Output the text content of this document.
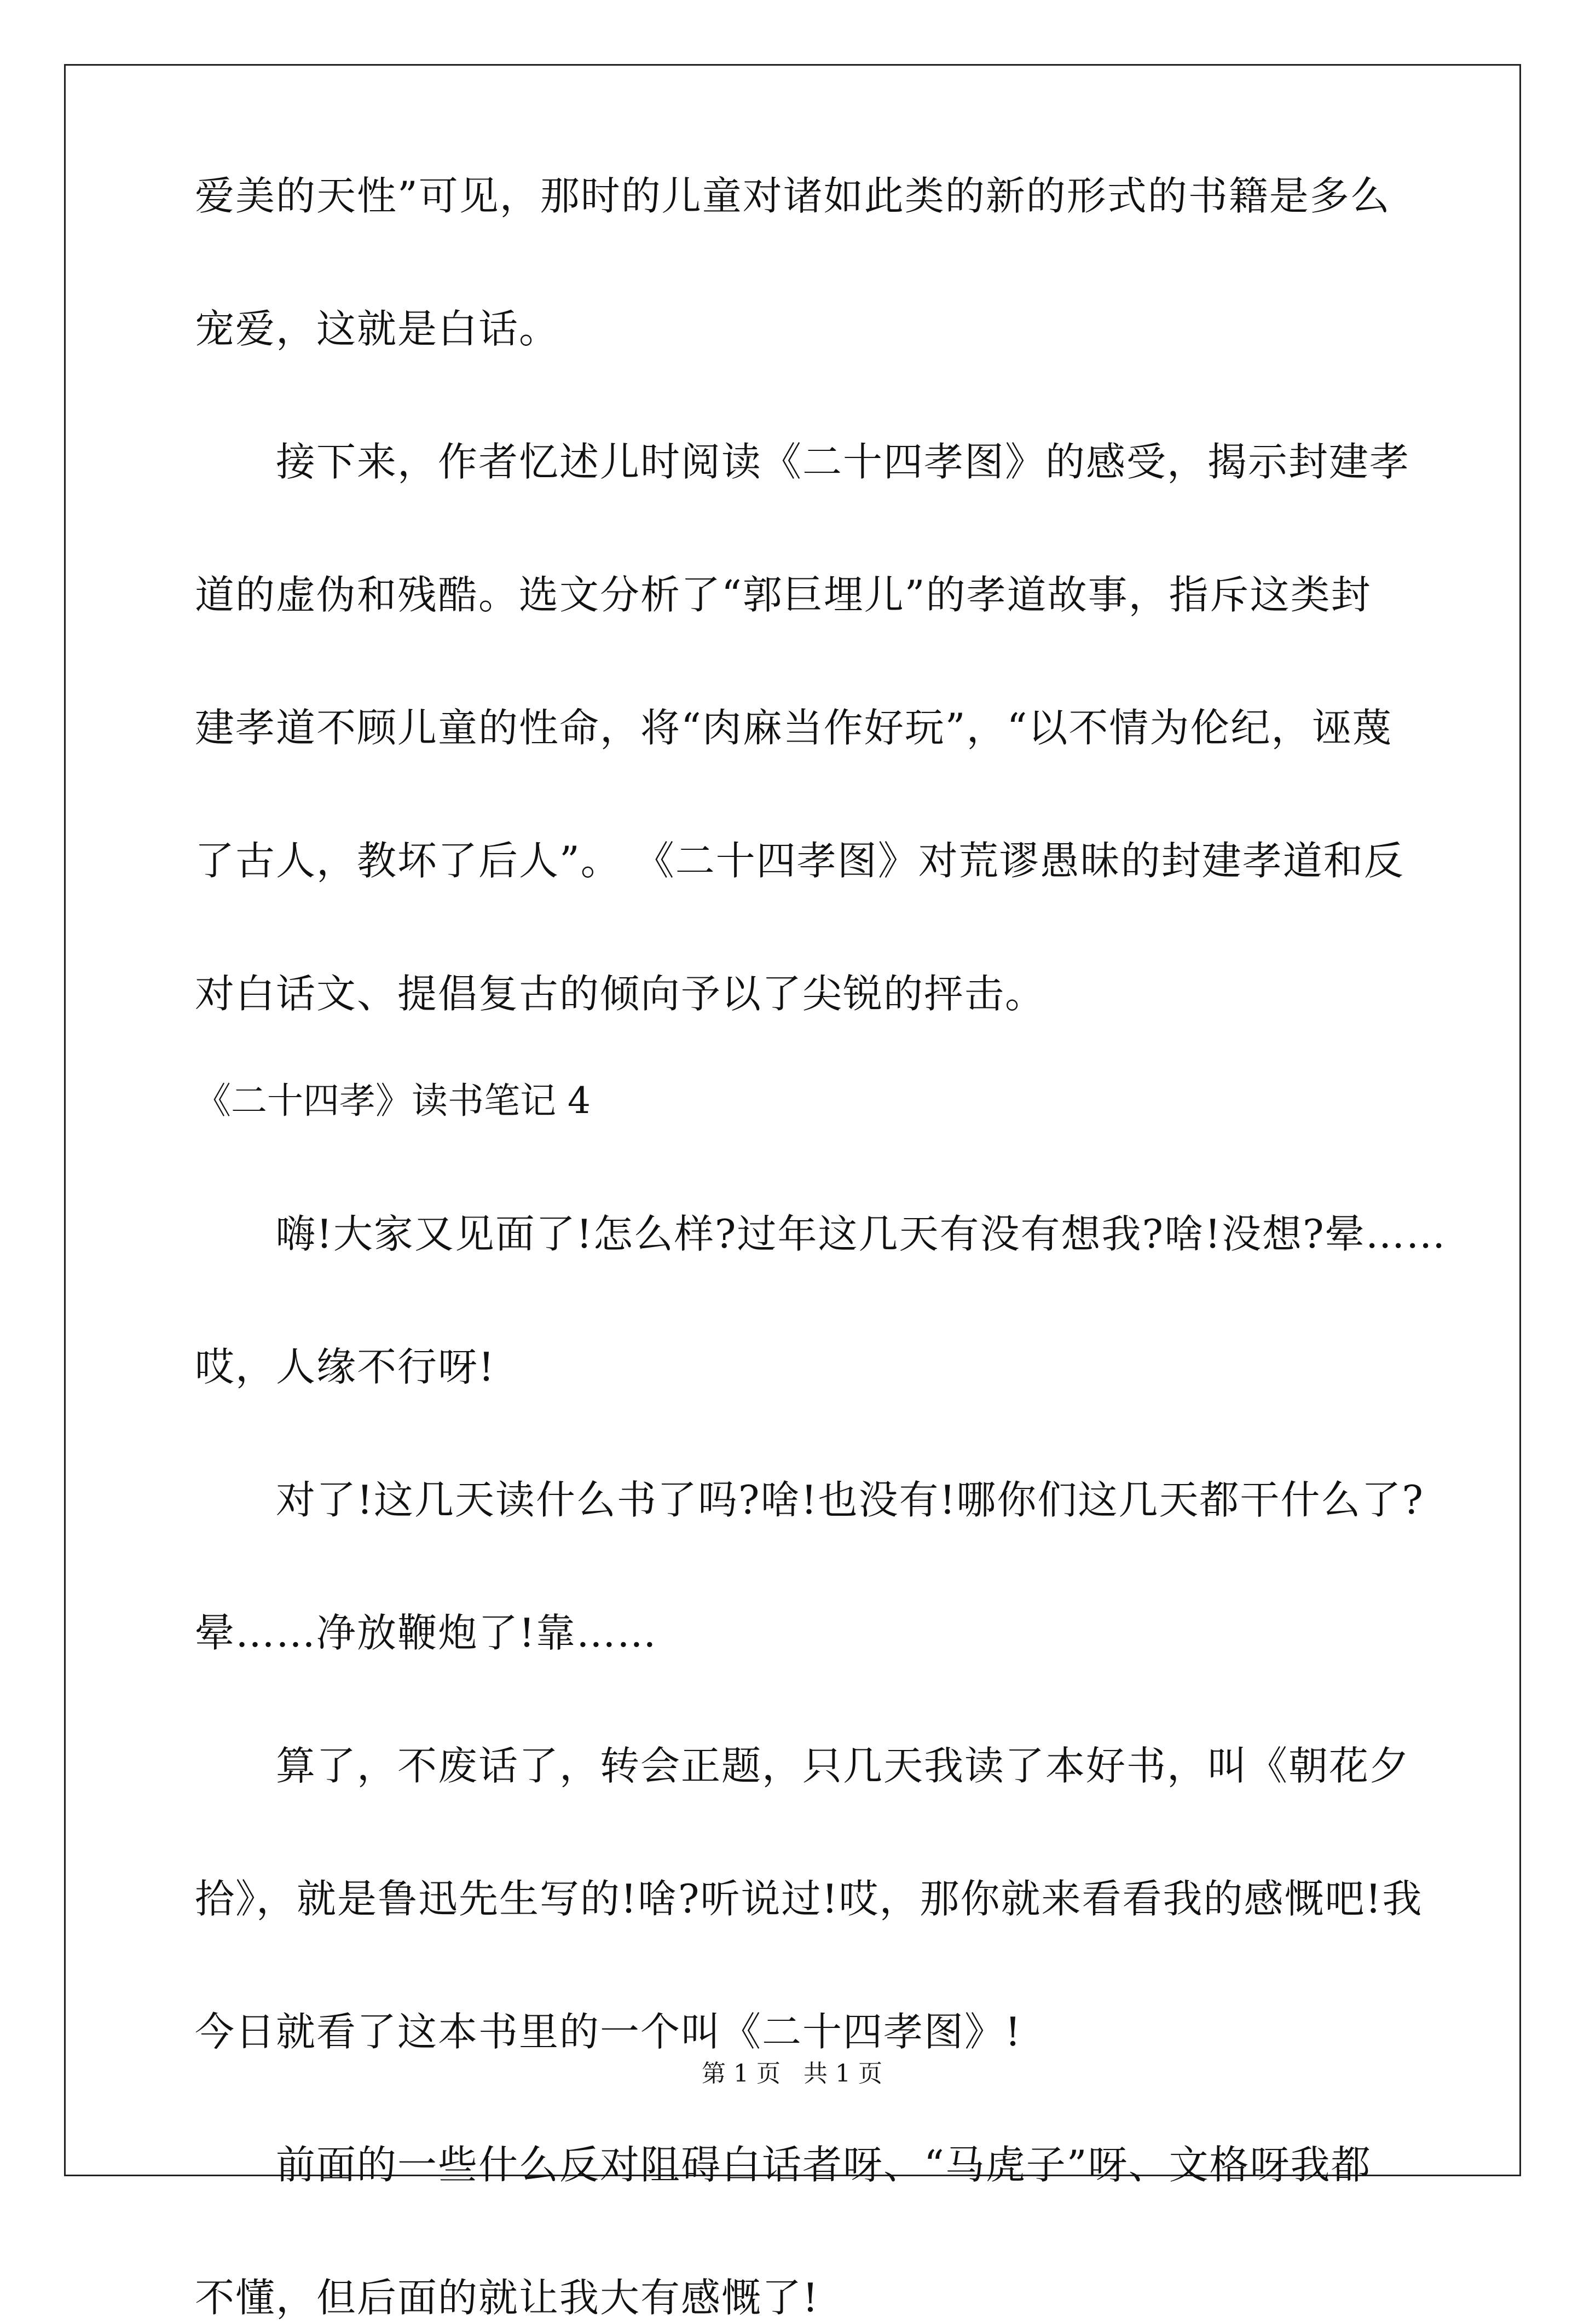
爱美的天性”可见，那时的儿童对诸如此类的新的形式的书籍是多么

宠爱，这就是白话。

接下来，作者忆述儿时阅读《二十四孝图》的感受，揭示封建孝

道的虚伪和残酷。选文分析了“郭巨埋儿”的孝道故事，指斥这类封

建孝道不顾儿童的性命，将“肉麻当作好玩”，“以不情为伦纪，诬蔑

了古人，教坏了后人”。 《二十四孝图》对荒谬愚昧的封建孝道和反

对白话文、提倡复古的倾向予以了尖锐的抨击。

《二十四孝》读书笔记 4

嗨!大家又见面了!怎么样?过年这几天有没有想我?啥!没想?晕……

哎，人缘不行呀!

对了!这几天读什么书了吗?啥!也没有!哪你们这几天都干什么了?

晕……净放鞭炮了!靠……

算了，不废话了，转会正题，只几天我读了本好书，叫《朝花夕

拾》，就是鲁迅先生写的!啥?听说过!哎，那你就来看看我的感慨吧!我

今日就看了这本书里的一个叫《二十四孝图》!

前面的一些什么反对阻碍白话者呀、“马虎子”呀、文格呀我都

不懂，但后面的就让我大有感慨了!

第 1 页   共 1 页
